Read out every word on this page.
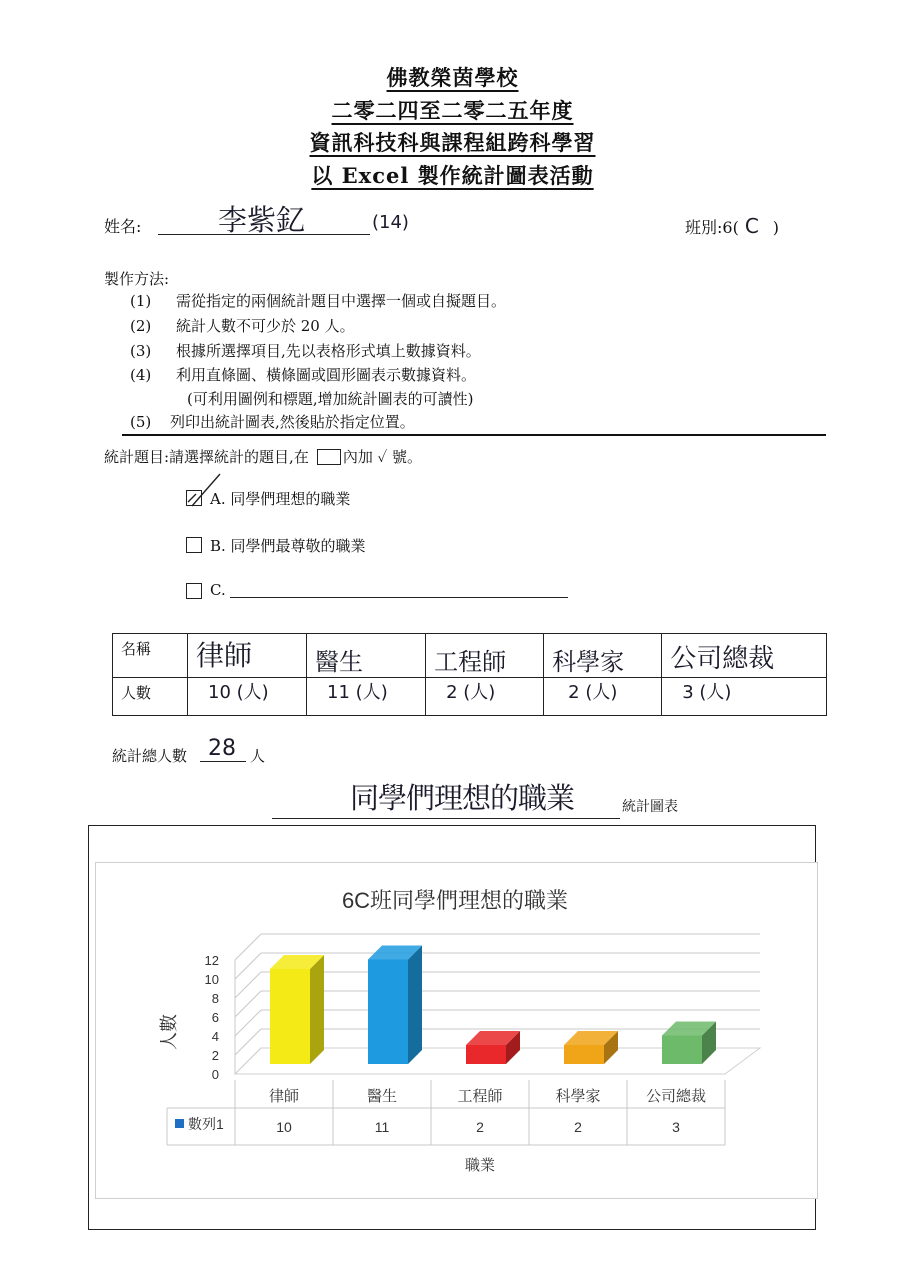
佛教榮茵學校
二零二四至二零二五年度
資訊科技科與課程組跨科學習
以 Excel 製作統計圖表活動
姓名:	李紫釔	(14)	班別:6( C )
製作方法:
(1) 需從指定的兩個統計題目中選擇一個或自擬題目。
(2) 統計人數不可少於 20 人。
(3) 根據所選擇項目,先以表格形式填上數據資料。
(4) 利用直條圖、橫條圖或圓形圖表示數據資料。
(可利用圖例和標題,增加統計圖表的可讀性)
(5) 列印出統計圖表,然後貼於指定位置。
統計題目:請選擇統計的題目,在 內加 ✓ 號。
A. 同學們理想的職業
B. 同學們最尊敬的職業
C.
名稱	律師	醫生	工程師	科學家	公司總裁
人數	10 (人)	11 (人)	2 (人)	2 (人)	3 (人)
統計總人數 28 人
同學們理想的職業	統計圖表
6C班同學們理想的職業
0
2
4
6
8
10
12
人數
律師
10
醫生
11
工程師
2
科學家
2
公司總裁
3
數列1
職業
